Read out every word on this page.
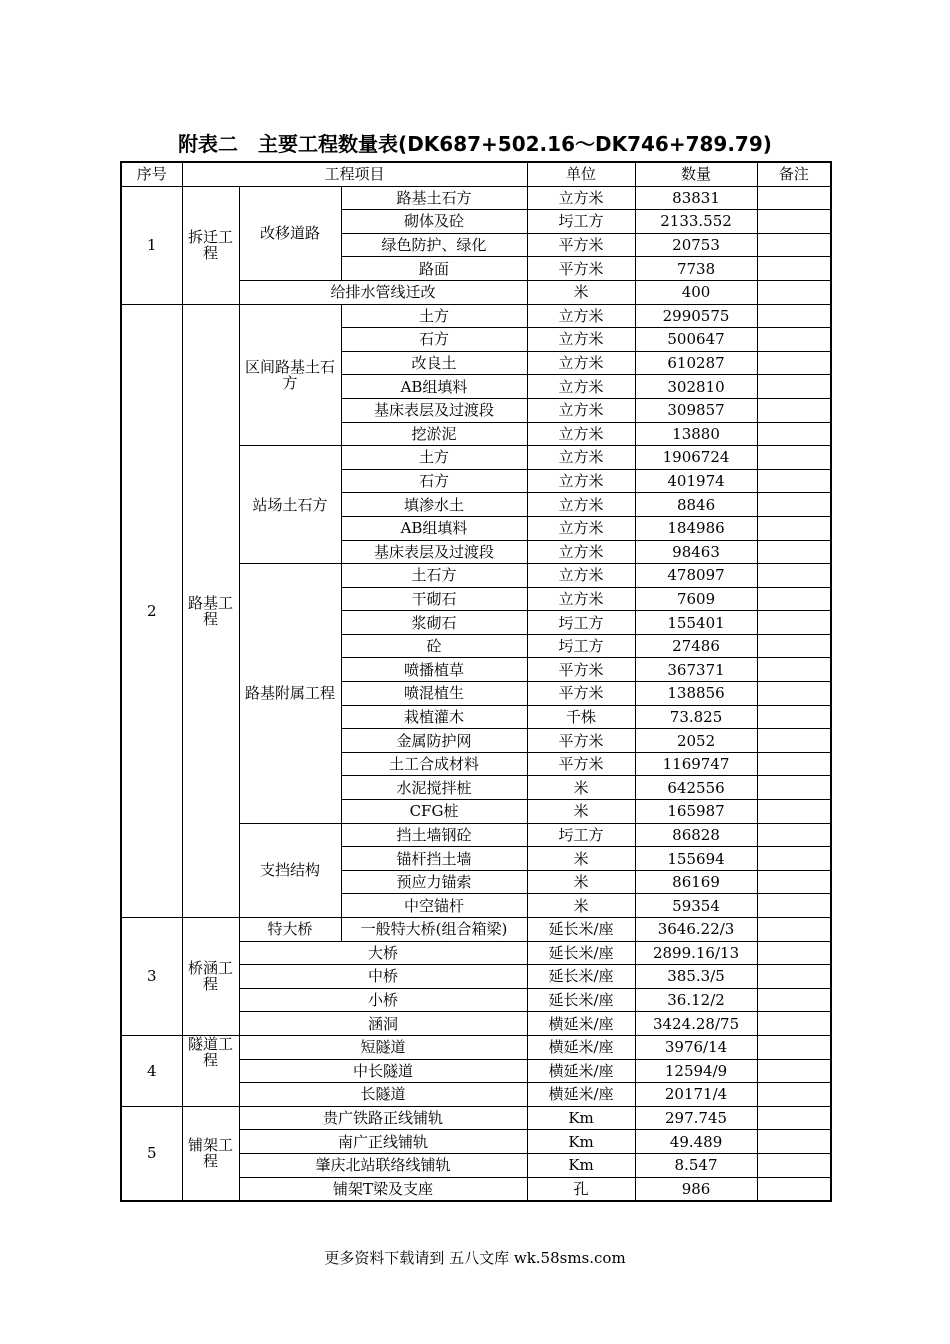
附表二　主要工程数量表(DK687+502.16～DK746+789.79)
序号	工程项目			单位	数量	备注
1	拆迁工程	改移道路	路基土石方	立方米	83831	
			砌体及砼	圬工方	2133.552	
			绿色防护、绿化	平方米	20753	
			路面	平方米	7738	
		给排水管线迁改		米	400	
2	路基工程	区间路基土石方	土方	立方米	2990575	
			石方	立方米	500647	
			改良土	立方米	610287	
			AB组填料	立方米	302810	
			基床表层及过渡段	立方米	309857	
			挖淤泥	立方米	13880	
		站场土石方	土方	立方米	1906724	
			石方	立方米	401974	
			填渗水土	立方米	8846	
			AB组填料	立方米	184986	
			基床表层及过渡段	立方米	98463	
		路基附属工程	土石方	立方米	478097	
			干砌石	立方米	7609	
			浆砌石	圬工方	155401	
			砼	圬工方	27486	
			喷播植草	平方米	367371	
			喷混植生	平方米	138856	
			栽植灌木	千株	73.825	
			金属防护网	平方米	2052	
			土工合成材料	平方米	1169747	
			水泥搅拌桩	米	642556	
			CFG桩	米	165987	
		支挡结构	挡土墙钢砼	圬工方	86828	
			锚杆挡土墙	米	155694	
			预应力锚索	米	86169	
			中空锚杆	米	59354	
3	桥涵工程	特大桥	一般特大桥(组合箱梁)	延长米/座	3646.22/3	
		大桥		延长米/座	2899.16/13	
		中桥		延长米/座	385.3/5	
		小桥		延长米/座	36.12/2	
		涵洞		横延米/座	3424.28/75	
4	隧道工程	短隧道		横延米/座	3976/14	
		中长隧道		横延米/座	12594/9	
		长隧道		横延米/座	20171/4	
5	铺架工程	贵广铁路正线铺轨		Km	297.745	
		南广正线铺轨		Km	49.489	
		肇庆北站联络线铺轨		Km	8.547	
		铺架T梁及支座		孔	986	
更多资料下载请到 五八文库 wk.58sms.com
